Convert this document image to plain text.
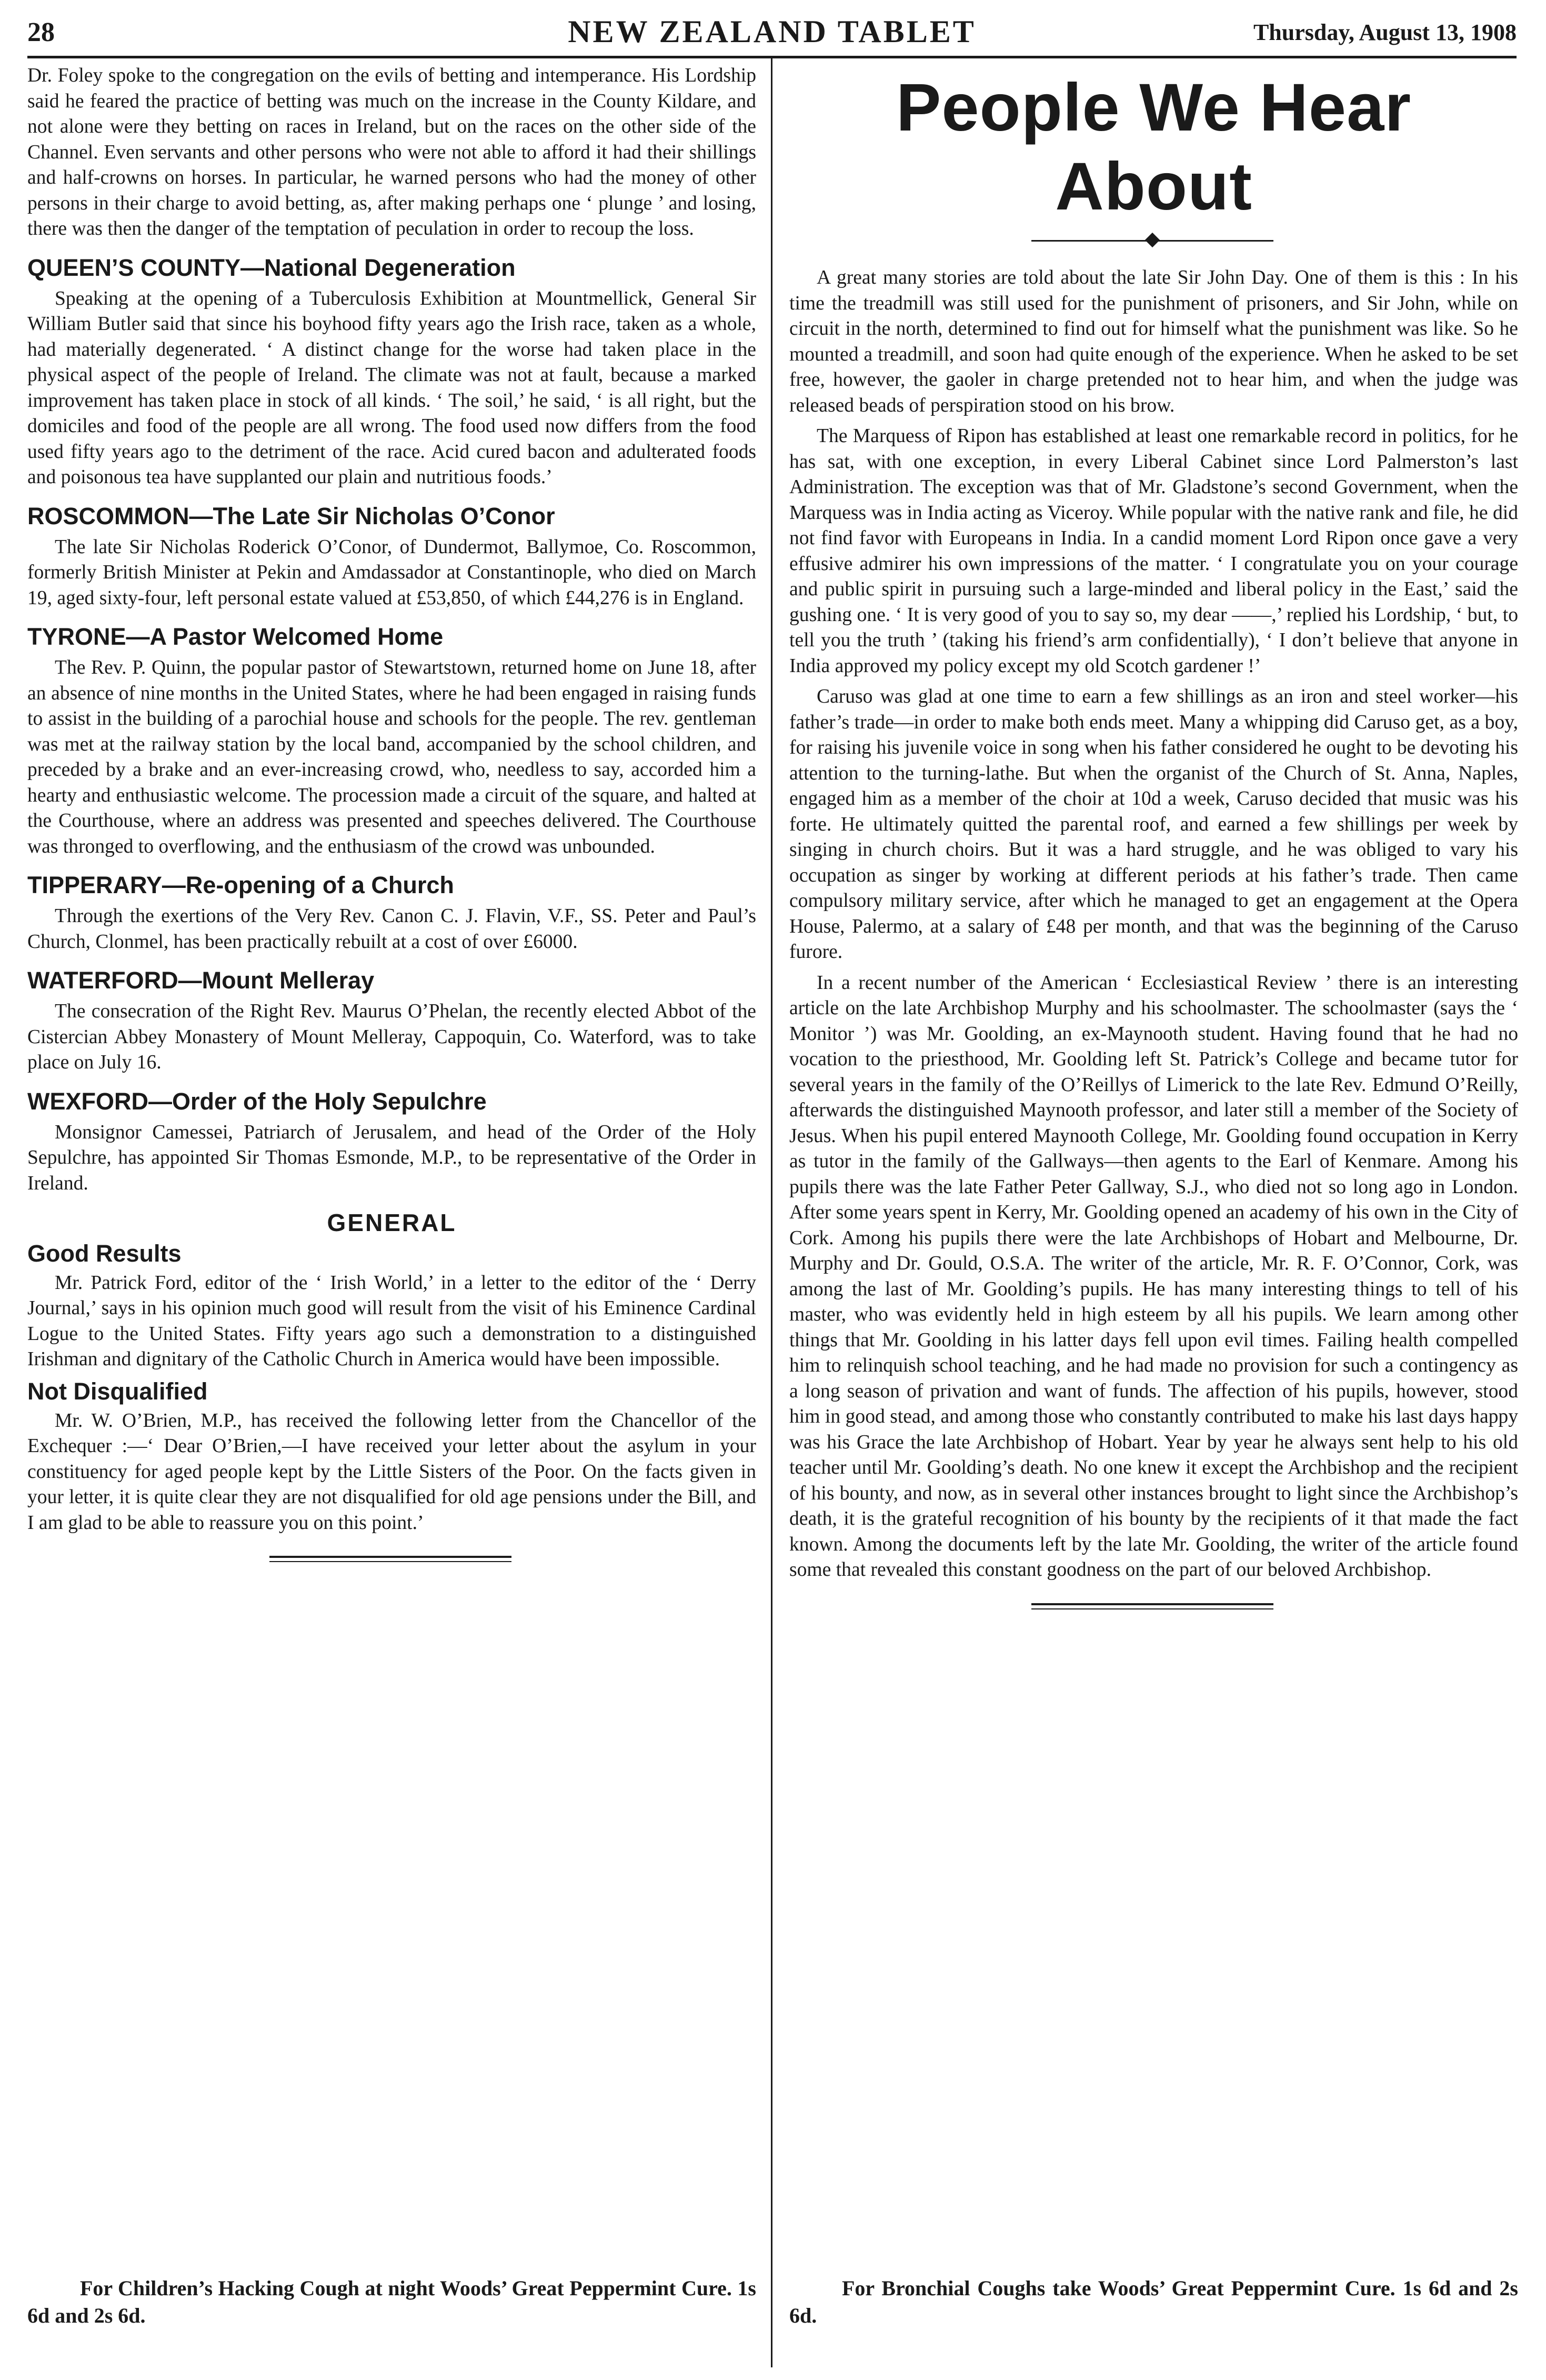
28	NEW ZEALAND TABLET	Thursday, August 13, 1908

Dr. Foley spoke to the congregation on the evils of betting and intemperance. His Lordship said he feared the practice of betting was much on the increase in the County Kildare, and not alone were they betting on races in Ireland, but on the races on the other side of the Channel. Even servants and other persons who were not able to afford it had their shillings and half-crowns on horses. In particular, he warned persons who had the money of other persons in their charge to avoid betting, as, after making perhaps one ‘ plunge ’ and losing, there was then the danger of the temptation of peculation in order to recoup the loss.

QUEEN’S COUNTY—National Degeneration

Speaking at the opening of a Tuberculosis Exhibition at Mountmellick, General Sir William Butler said that since his boyhood fifty years ago the Irish race, taken as a whole, had materially degenerated. ‘ A distinct change for the worse had taken place in the physical aspect of the people of Ireland. The climate was not at fault, because a marked improvement has taken place in stock of all kinds. ‘ The soil,’ he said, ‘ is all right, but the domiciles and food of the people are all wrong. The food used now differs from the food used fifty years ago to the detriment of the race. Acid cured bacon and adulterated foods and poisonous tea have supplanted our plain and nutritious foods.’

ROSCOMMON—The Late Sir Nicholas O’Conor

The late Sir Nicholas Roderick O’Conor, of Dundermot, Ballymoe, Co. Roscommon, formerly British Minister at Pekin and Amdassador at Constantinople, who died on March 19, aged sixty-four, left personal estate valued at £53,850, of which £44,276 is in England.

TYRONE—A Pastor Welcomed Home

The Rev. P. Quinn, the popular pastor of Stewartstown, returned home on June 18, after an absence of nine months in the United States, where he had been engaged in raising funds to assist in the building of a parochial house and schools for the people. The rev. gentleman was met at the railway station by the local band, accompanied by the school children, and preceded by a brake and an ever-increasing crowd, who, needless to say, accorded him a hearty and enthusiastic welcome. The procession made a circuit of the square, and halted at the Courthouse, where an address was presented and speeches delivered. The Courthouse was thronged to overflowing, and the enthusiasm of the crowd was unbounded.

TIPPERARY—Re-opening of a Church

Through the exertions of the Very Rev. Canon C. J. Flavin, V.F., SS. Peter and Paul’s Church, Clonmel, has been practically rebuilt at a cost of over £6000.

WATERFORD—Mount Melleray

The consecration of the Right Rev. Maurus O’Phelan, the recently elected Abbot of the Cistercian Abbey Monastery of Mount Melleray, Cappoquin, Co. Waterford, was to take place on July 16.

WEXFORD—Order of the Holy Sepulchre

Monsignor Camessei, Patriarch of Jerusalem, and head of the Order of the Holy Sepulchre, has appointed Sir Thomas Esmonde, M.P., to be representative of the Order in Ireland.

GENERAL
Good Results

Mr. Patrick Ford, editor of the ‘ Irish World,’ in a letter to the editor of the ‘ Derry Journal,’ says in his opinion much good will result from the visit of his Eminence Cardinal Logue to the United States. Fifty years ago such a demonstration to a distinguished Irishman and dignitary of the Catholic Church in America would have been impossible.

Not Disqualified

Mr. W. O’Brien, M.P., has received the following letter from the Chancellor of the Exchequer :—‘ Dear O’Brien,—I have received your letter about the asylum in your constituency for aged people kept by the Little Sisters of the Poor. On the facts given in your letter, it is quite clear they are not disqualified for old age pensions under the Bill, and I am glad to be able to reassure you on this point.’

For Children’s Hacking Cough at night Woods’ Great Peppermint Cure. 1s 6d and 2s 6d.

People We Hear About

A great many stories are told about the late Sir John Day. One of them is this : In his time the treadmill was still used for the punishment of prisoners, and Sir John, while on circuit in the north, determined to find out for himself what the punishment was like. So he mounted a treadmill, and soon had quite enough of the experience. When he asked to be set free, however, the gaoler in charge pretended not to hear him, and when the judge was released beads of perspiration stood on his brow.

The Marquess of Ripon has established at least one remarkable record in politics, for he has sat, with one exception, in every Liberal Cabinet since Lord Palmerston’s last Administration. The exception was that of Mr. Gladstone’s second Government, when the Marquess was in India acting as Viceroy. While popular with the native rank and file, he did not find favor with Europeans in India. In a candid moment Lord Ripon once gave a very effusive admirer his own impressions of the matter. ‘ I congratulate you on your courage and public spirit in pursuing such a large-minded and liberal policy in the East,’ said the gushing one. ‘ It is very good of you to say so, my dear ——,’ replied his Lordship, ‘ but, to tell you the truth ’ (taking his friend’s arm confidentially), ‘ I don’t believe that anyone in India approved my policy except my old Scotch gardener !’

Caruso was glad at one time to earn a few shillings as an iron and steel worker—his father’s trade—in order to make both ends meet. Many a whipping did Caruso get, as a boy, for raising his juvenile voice in song when his father considered he ought to be devoting his attention to the turning-lathe. But when the organist of the Church of St. Anna, Naples, engaged him as a member of the choir at 10d a week, Caruso decided that music was his forte. He ultimately quitted the parental roof, and earned a few shillings per week by singing in church choirs. But it was a hard struggle, and he was obliged to vary his occupation as singer by working at different periods at his father’s trade. Then came compulsory military service, after which he managed to get an engagement at the Opera House, Palermo, at a salary of £48 per month, and that was the beginning of the Caruso furore.

In a recent number of the American ‘ Ecclesiastical Review ’ there is an interesting article on the late Archbishop Murphy and his schoolmaster. The schoolmaster (says the ‘ Monitor ’) was Mr. Goolding, an ex-Maynooth student. Having found that he had no vocation to the priesthood, Mr. Goolding left St. Patrick’s College and became tutor for several years in the family of the O’Reillys of Limerick to the late Rev. Edmund O’Reilly, afterwards the distinguished Maynooth professor, and later still a member of the Society of Jesus. When his pupil entered Maynooth College, Mr. Goolding found occupation in Kerry as tutor in the family of the Gallways—then agents to the Earl of Kenmare. Among his pupils there was the late Father Peter Gallway, S.J., who died not so long ago in London. After some years spent in Kerry, Mr. Goolding opened an academy of his own in the City of Cork. Among his pupils there were the late Archbishops of Hobart and Melbourne, Dr. Murphy and Dr. Gould, O.S.A. The writer of the article, Mr. R. F. O’Connor, Cork, was among the last of Mr. Goolding’s pupils. He has many interesting things to tell of his master, who was evidently held in high esteem by all his pupils. We learn among other things that Mr. Goolding in his latter days fell upon evil times. Failing health compelled him to relinquish school teaching, and he had made no provision for such a contingency as a long season of privation and want of funds. The affection of his pupils, however, stood him in good stead, and among those who constantly contributed to make his last days happy was his Grace the late Archbishop of Hobart. Year by year he always sent help to his old teacher until Mr. Goolding’s death. No one knew it except the Archbishop and the recipient of his bounty, and now, as in several other instances brought to light since the Archbishop’s death, it is the grateful recognition of his bounty by the recipients of it that made the fact known. Among the documents left by the late Mr. Goolding, the writer of the article found some that revealed this constant goodness on the part of our beloved Archbishop.

For Bronchial Coughs take Woods’ Great Peppermint Cure. 1s 6d and 2s 6d.
